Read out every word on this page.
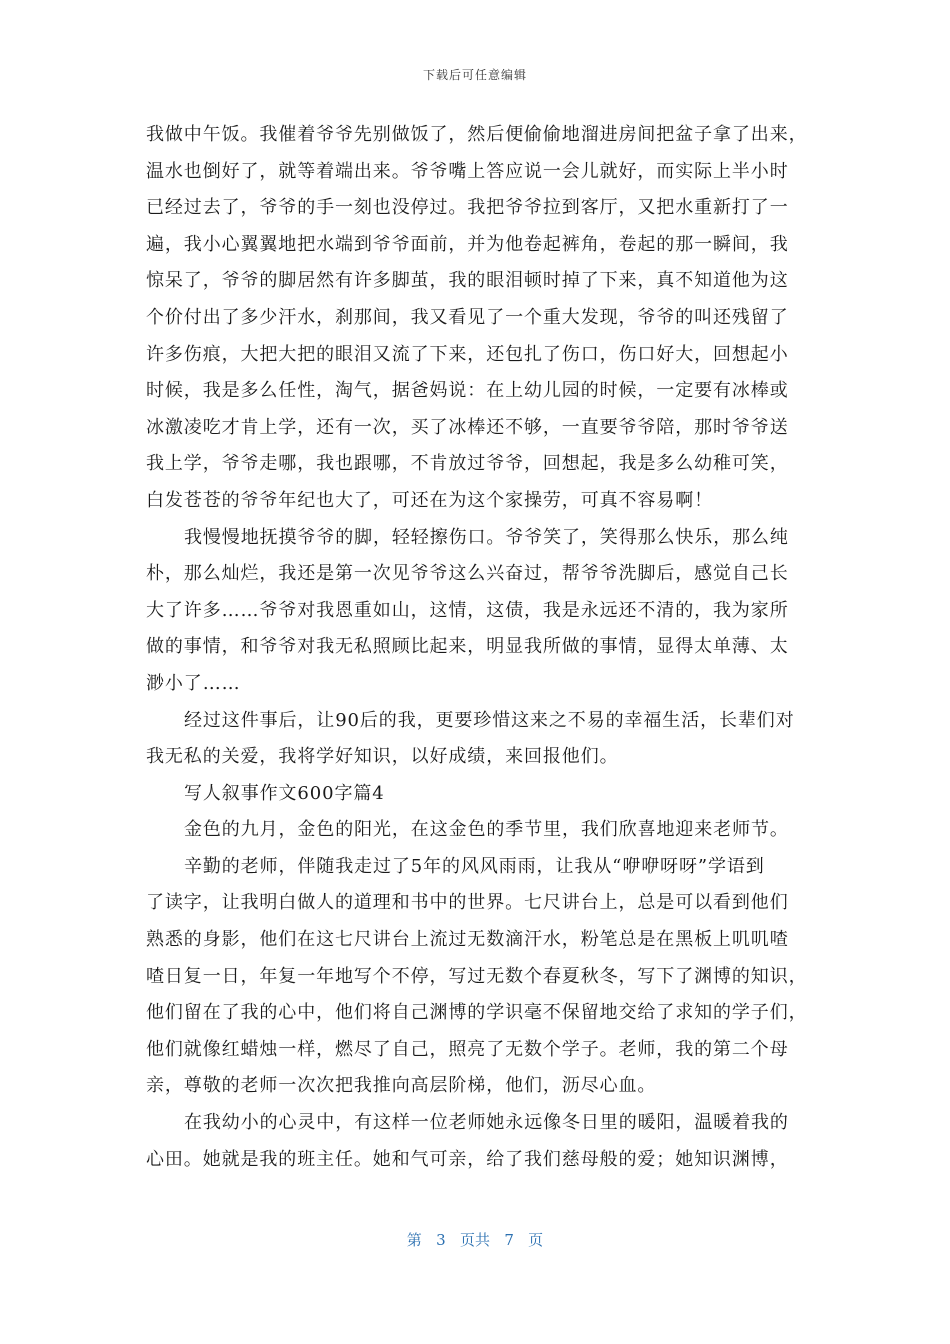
下载后可任意编辑
我做中午饭。我催着爷爷先别做饭了，然后便偷偷地溜进房间把盆子拿了出来，
温水也倒好了，就等着端出来。爷爷嘴上答应说一会儿就好，而实际上半小时
已经过去了，爷爷的手一刻也没停过。我把爷爷拉到客厅，又把水重新打了一
遍，我小心翼翼地把水端到爷爷面前，并为他卷起裤角，卷起的那一瞬间，我
惊呆了，爷爷的脚居然有许多脚茧，我的眼泪顿时掉了下来，真不知道他为这
个价付出了多少汗水，刹那间，我又看见了一个重大发现，爷爷的叫还残留了
许多伤痕，大把大把的眼泪又流了下来，还包扎了伤口，伤口好大，回想起小
时候，我是多么任性，淘气，据爸妈说：在上幼儿园的时候，一定要有冰棒或
冰激凌吃才肯上学，还有一次，买了冰棒还不够，一直要爷爷陪，那时爷爷送
我上学，爷爷走哪，我也跟哪，不肯放过爷爷，回想起，我是多么幼稚可笑，
白发苍苍的爷爷年纪也大了，可还在为这个家操劳，可真不容易啊！
我慢慢地抚摸爷爷的脚，轻轻擦伤口。爷爷笑了，笑得那么快乐，那么纯
朴，那么灿烂，我还是第一次见爷爷这么兴奋过，帮爷爷洗脚后，感觉自己长
大了许多……爷爷对我恩重如山，这情，这债，我是永远还不清的，我为家所
做的事情，和爷爷对我无私照顾比起来，明显我所做的事情，显得太单薄、太
渺小了……
经过这件事后，让90后的我，更要珍惜这来之不易的幸福生活，长辈们对
我无私的关爱，我将学好知识，以好成绩，来回报他们。
写人叙事作文600字篇4
金色的九月，金色的阳光，在这金色的季节里，我们欣喜地迎来老师节。
辛勤的老师，伴随我走过了5年的风风雨雨，让我从“咿咿呀呀”学语到
了读字，让我明白做人的道理和书中的世界。七尺讲台上，总是可以看到他们
熟悉的身影，他们在这七尺讲台上流过无数滴汗水，粉笔总是在黑板上叽叽喳
喳日复一日，年复一年地写个不停，写过无数个春夏秋冬，写下了渊博的知识，
他们留在了我的心中，他们将自己渊博的学识毫不保留地交给了求知的学子们，
他们就像红蜡烛一样，燃尽了自己，照亮了无数个学子。老师，我的第二个母
亲，尊敬的老师一次次把我推向高层阶梯，他们，沥尽心血。
在我幼小的心灵中，有这样一位老师她永远像冬日里的暖阳，温暖着我的
心田。她就是我的班主任。她和气可亲，给了我们慈母般的爱；她知识渊博，
第 3 页共 7 页
